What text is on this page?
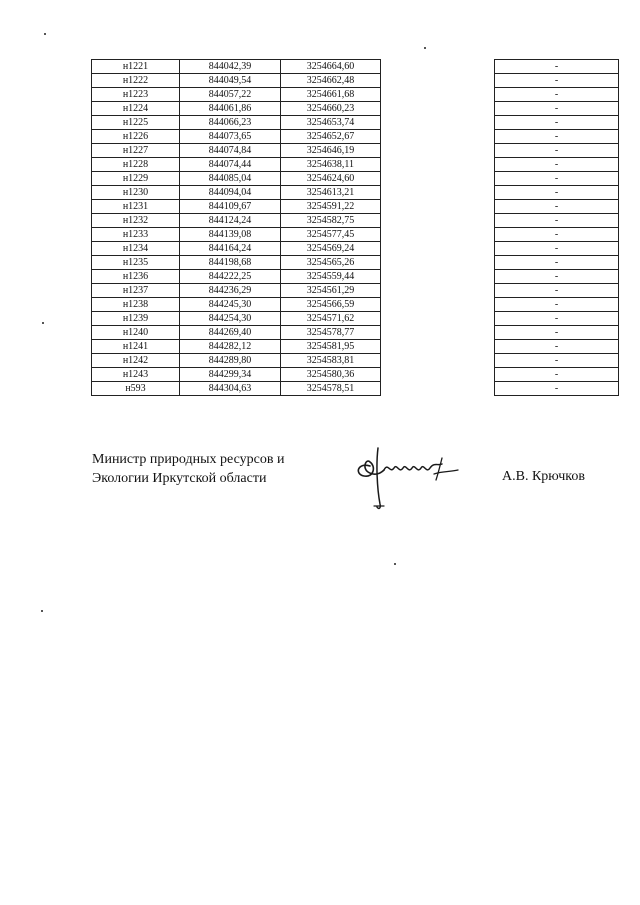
н1221	844042,39	3254664,60		-
н1222	844049,54	3254662,48		-
н1223	844057,22	3254661,68		-
н1224	844061,86	3254660,23		-
н1225	844066,23	3254653,74		-
н1226	844073,65	3254652,67		-
н1227	844074,84	3254646,19		-
н1228	844074,44	3254638,11		-
н1229	844085,04	3254624,60		-
н1230	844094,04	3254613,21		-
н1231	844109,67	3254591,22		-
н1232	844124,24	3254582,75		-
н1233	844139,08	3254577,45		-
н1234	844164,24	3254569,24		-
н1235	844198,68	3254565,26		-
н1236	844222,25	3254559,44		-
н1237	844236,29	3254561,29		-
н1238	844245,30	3254566,59		-
н1239	844254,30	3254571,62		-
н1240	844269,40	3254578,77		-
н1241	844282,12	3254581,95		-
н1242	844289,80	3254583,81		-
н1243	844299,34	3254580,36		-
н593	844304,63	3254578,51		-
Министр природных ресурсов и
Экологии Иркутской области	А.В. Крючков
